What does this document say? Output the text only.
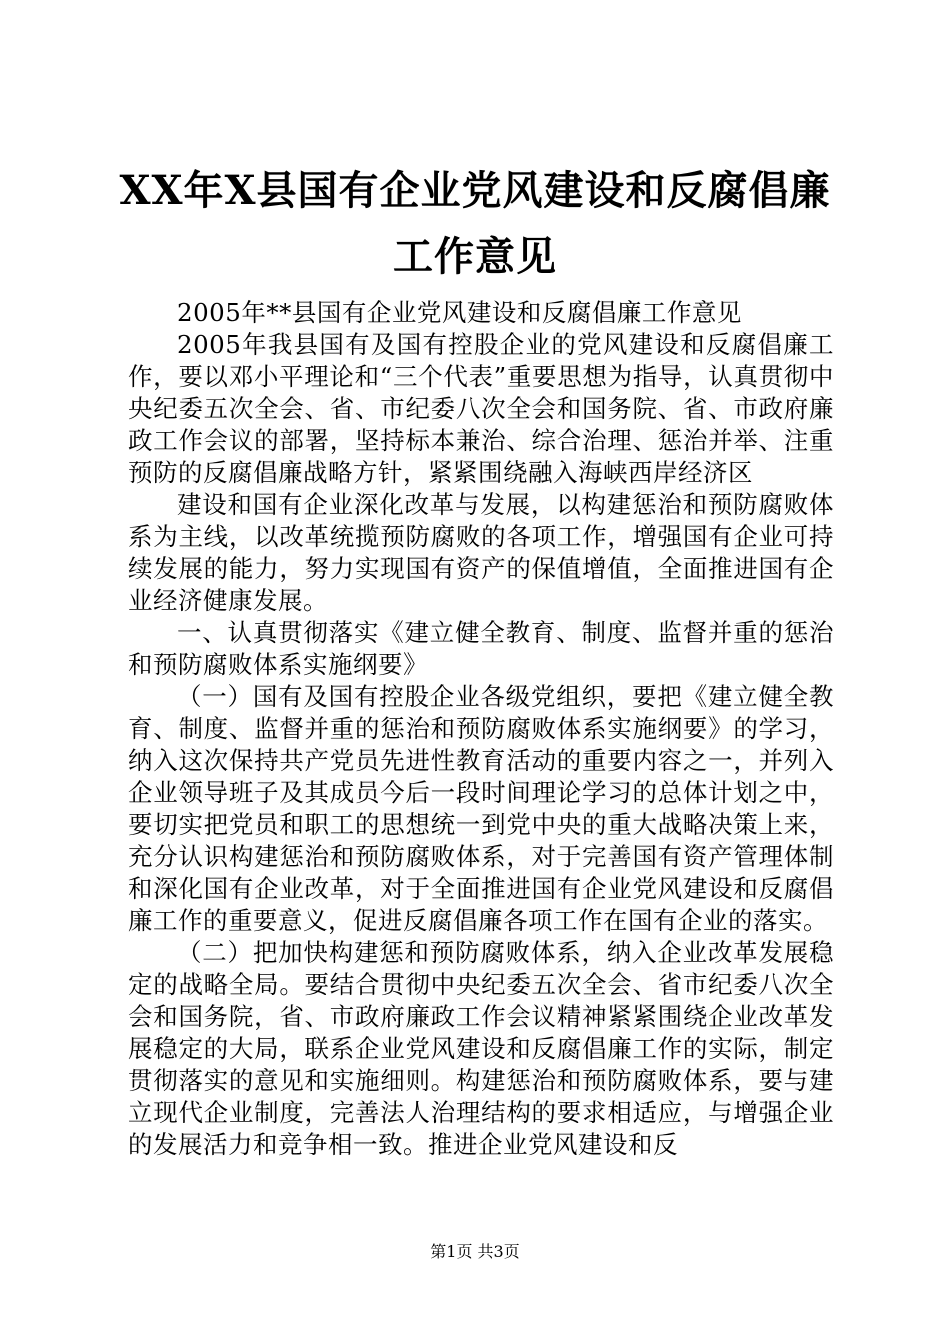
XX年X县国有企业党风建设和反腐倡廉工作意见

2005年**县国有企业党风建设和反腐倡廉工作意见

2005年我县国有及国有控股企业的党风建设和反腐倡廉工作，要以邓小平理论和“三个代表”重要思想为指导，认真贯彻中央纪委五次全会、省、市纪委八次全会和国务院、省、市政府廉政工作会议的部署，坚持标本兼治、综合治理、惩治并举、注重预防的反腐倡廉战略方针，紧紧围绕融入海峡西岸经济区

建设和国有企业深化改革与发展，以构建惩治和预防腐败体系为主线，以改革统揽预防腐败的各项工作，增强国有企业可持续发展的能力，努力实现国有资产的保值增值，全面推进国有企业经济健康发展。

一、认真贯彻落实《建立健全教育、制度、监督并重的惩治和预防腐败体系实施纲要》

（一）国有及国有控股企业各级党组织，要把《建立健全教育、制度、监督并重的惩治和预防腐败体系实施纲要》的学习，纳入这次保持共产党员先进性教育活动的重要内容之一，并列入企业领导班子及其成员今后一段时间理论学习的总体计划之中，要切实把党员和职工的思想统一到党中央的重大战略决策上来，充分认识构建惩治和预防腐败体系，对于完善国有资产管理体制和深化国有企业改革，对于全面推进国有企业党风建设和反腐倡廉工作的重要意义，促进反腐倡廉各项工作在国有企业的落实。

（二）把加快构建惩和预防腐败体系，纳入企业改革发展稳定的战略全局。要结合贯彻中央纪委五次全会、省市纪委八次全会和国务院，省、市政府廉政工作会议精神紧紧围绕企业改革发展稳定的大局，联系企业党风建设和反腐倡廉工作的实际，制定贯彻落实的意见和实施细则。构建惩治和预防腐败体系，要与建立现代企业制度，完善法人治理结构的要求相适应，与增强企业的发展活力和竞争相一致。推进企业党风建设和反

第1页 共3页
